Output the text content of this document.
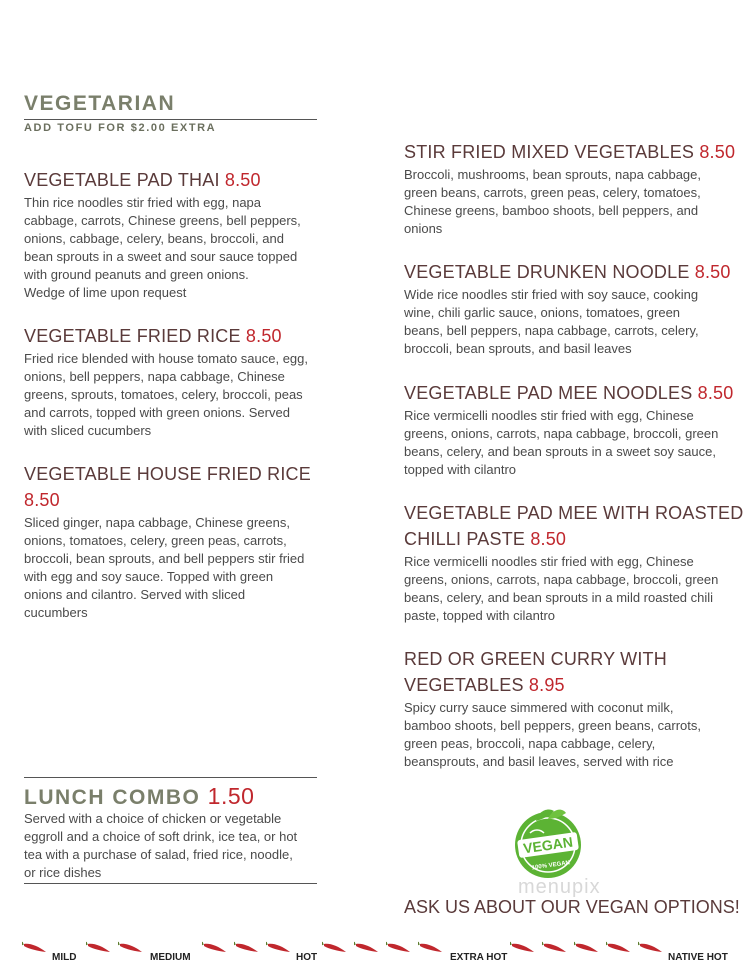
VEGETARIAN
ADD TOFU FOR $2.00 EXTRA
VEGETABLE PAD THAI 8.50
Thin rice noodles stir fried with egg, napa
cabbage, carrots, Chinese greens, bell peppers,
onions, cabbage, celery, beans, broccoli, and
bean sprouts in a sweet and sour sauce topped
with ground peanuts and green onions.
Wedge of lime upon request
VEGETABLE FRIED RICE 8.50
Fried rice blended with house tomato sauce, egg,
onions, bell peppers, napa cabbage, Chinese
greens, sprouts, tomatoes, celery, broccoli, peas
and carrots, topped with green onions. Served
with sliced cucumbers
VEGETABLE HOUSE FRIED RICE
8.50
Sliced ginger, napa cabbage, Chinese greens,
onions, tomatoes, celery, green peas, carrots,
broccoli, bean sprouts, and bell peppers stir fried
with egg and soy sauce. Topped with green
onions and cilantro. Served with sliced
cucumbers
STIR FRIED MIXED VEGETABLES 8.50
Broccoli, mushrooms, bean sprouts, napa cabbage,
green beans, carrots, green peas, celery, tomatoes,
Chinese greens, bamboo shoots, bell peppers, and
onions
VEGETABLE DRUNKEN NOODLE 8.50
Wide rice noodles stir fried with soy sauce, cooking
wine, chili garlic sauce, onions, tomatoes, green
beans, bell peppers, napa cabbage, carrots, celery,
broccoli, bean sprouts, and basil leaves
VEGETABLE PAD MEE NOODLES 8.50
Rice vermicelli noodles stir fried with egg, Chinese
greens, onions, carrots, napa cabbage, broccoli, green
beans, celery, and bean sprouts in a sweet soy sauce,
topped with cilantro
VEGETABLE PAD MEE WITH ROASTED
CHILLI PASTE 8.50
Rice vermicelli noodles stir fried with egg, Chinese
greens, onions, carrots, napa cabbage, broccoli, green
beans, celery, and bean sprouts in a mild roasted chili
paste, topped with cilantro
RED OR GREEN CURRY WITH
VEGETABLES 8.95
Spicy curry sauce simmered with coconut milk,
bamboo shoots, bell peppers, green beans, carrots,
green peas, broccoli, napa cabbage, celery,
beansprouts, and basil leaves, served with rice
LUNCH COMBO 1.50
Served with a choice of chicken or vegetable
eggroll and a choice of soft drink, ice tea, or hot
tea with a purchase of salad, fried rice, noodle,
or rice dishes
VEGAN
100% VEGAN
menupix
ASK US ABOUT OUR VEGAN OPTIONS!
MILD	MEDIUM	HOT	EXTRA HOT	NATIVE HOT
